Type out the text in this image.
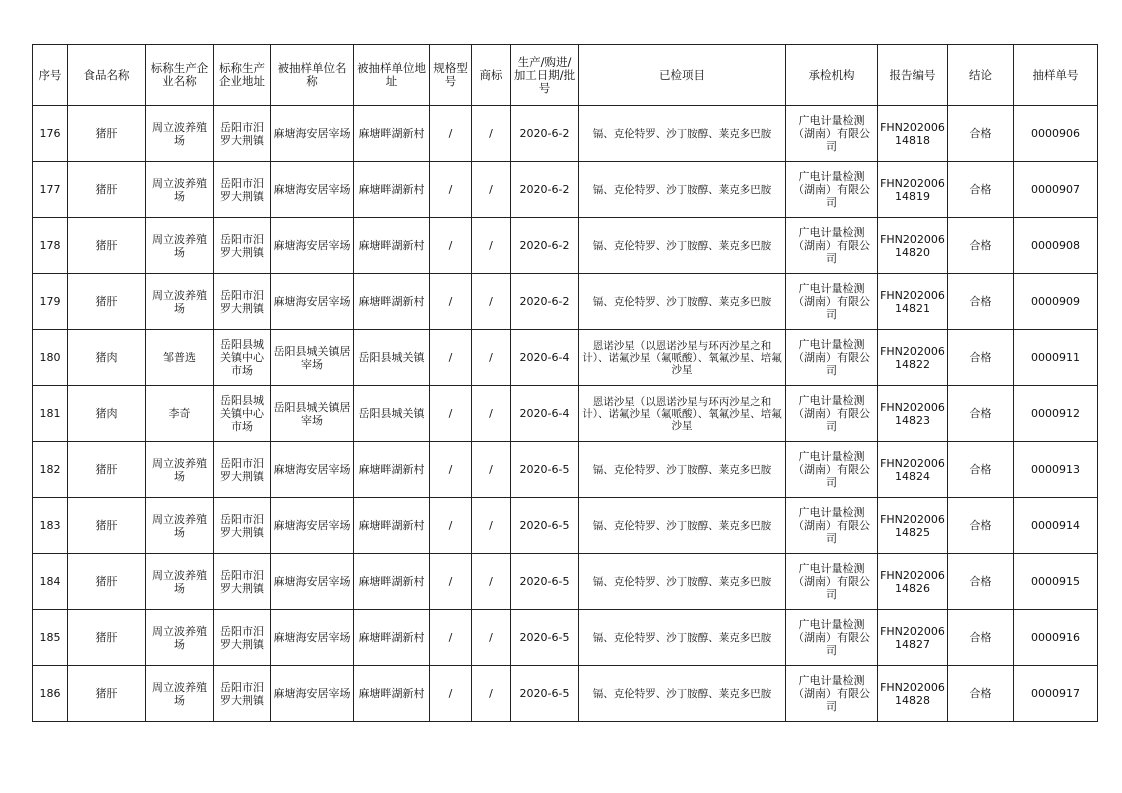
序号	食品名称	标称生产企业名称	标称生产企业地址	被抽样单位名称	被抽样单位地址	规格型号	商标	生产/购进/加工日期/批号	已检项目	承检机构	报告编号	结论	抽样单号
176	猪肝	周立波养殖场	岳阳市汨罗大荆镇	麻塘海安居宰场	麻塘畔湖新村	/	/	2020-6-2	镉、克伦特罗、沙丁胺醇、莱克多巴胺	广电计量检测（湖南）有限公司	FHN20200614818	合格	0000906
177	猪肝	周立波养殖场	岳阳市汨罗大荆镇	麻塘海安居宰场	麻塘畔湖新村	/	/	2020-6-2	镉、克伦特罗、沙丁胺醇、莱克多巴胺	广电计量检测（湖南）有限公司	FHN20200614819	合格	0000907
178	猪肝	周立波养殖场	岳阳市汨罗大荆镇	麻塘海安居宰场	麻塘畔湖新村	/	/	2020-6-2	镉、克伦特罗、沙丁胺醇、莱克多巴胺	广电计量检测（湖南）有限公司	FHN20200614820	合格	0000908
179	猪肝	周立波养殖场	岳阳市汨罗大荆镇	麻塘海安居宰场	麻塘畔湖新村	/	/	2020-6-2	镉、克伦特罗、沙丁胺醇、莱克多巴胺	广电计量检测（湖南）有限公司	FHN20200614821	合格	0000909
180	猪肉	邹普选	岳阳县城关镇中心市场	岳阳县城关镇居宰场	岳阳县城关镇	/	/	2020-6-4	恩诺沙星（以恩诺沙星与环丙沙星之和计）、诺氟沙星（氟哌酸）、氧氟沙星、培氟沙星	广电计量检测（湖南）有限公司	FHN20200614822	合格	0000911
181	猪肉	李奇	岳阳县城关镇中心市场	岳阳县城关镇居宰场	岳阳县城关镇	/	/	2020-6-4	恩诺沙星（以恩诺沙星与环丙沙星之和计）、诺氟沙星（氟哌酸）、氧氟沙星、培氟沙星	广电计量检测（湖南）有限公司	FHN20200614823	合格	0000912
182	猪肝	周立波养殖场	岳阳市汨罗大荆镇	麻塘海安居宰场	麻塘畔湖新村	/	/	2020-6-5	镉、克伦特罗、沙丁胺醇、莱克多巴胺	广电计量检测（湖南）有限公司	FHN20200614824	合格	0000913
183	猪肝	周立波养殖场	岳阳市汨罗大荆镇	麻塘海安居宰场	麻塘畔湖新村	/	/	2020-6-5	镉、克伦特罗、沙丁胺醇、莱克多巴胺	广电计量检测（湖南）有限公司	FHN20200614825	合格	0000914
184	猪肝	周立波养殖场	岳阳市汨罗大荆镇	麻塘海安居宰场	麻塘畔湖新村	/	/	2020-6-5	镉、克伦特罗、沙丁胺醇、莱克多巴胺	广电计量检测（湖南）有限公司	FHN20200614826	合格	0000915
185	猪肝	周立波养殖场	岳阳市汨罗大荆镇	麻塘海安居宰场	麻塘畔湖新村	/	/	2020-6-5	镉、克伦特罗、沙丁胺醇、莱克多巴胺	广电计量检测（湖南）有限公司	FHN20200614827	合格	0000916
186	猪肝	周立波养殖场	岳阳市汨罗大荆镇	麻塘海安居宰场	麻塘畔湖新村	/	/	2020-6-5	镉、克伦特罗、沙丁胺醇、莱克多巴胺	广电计量检测（湖南）有限公司	FHN20200614828	合格	0000917
